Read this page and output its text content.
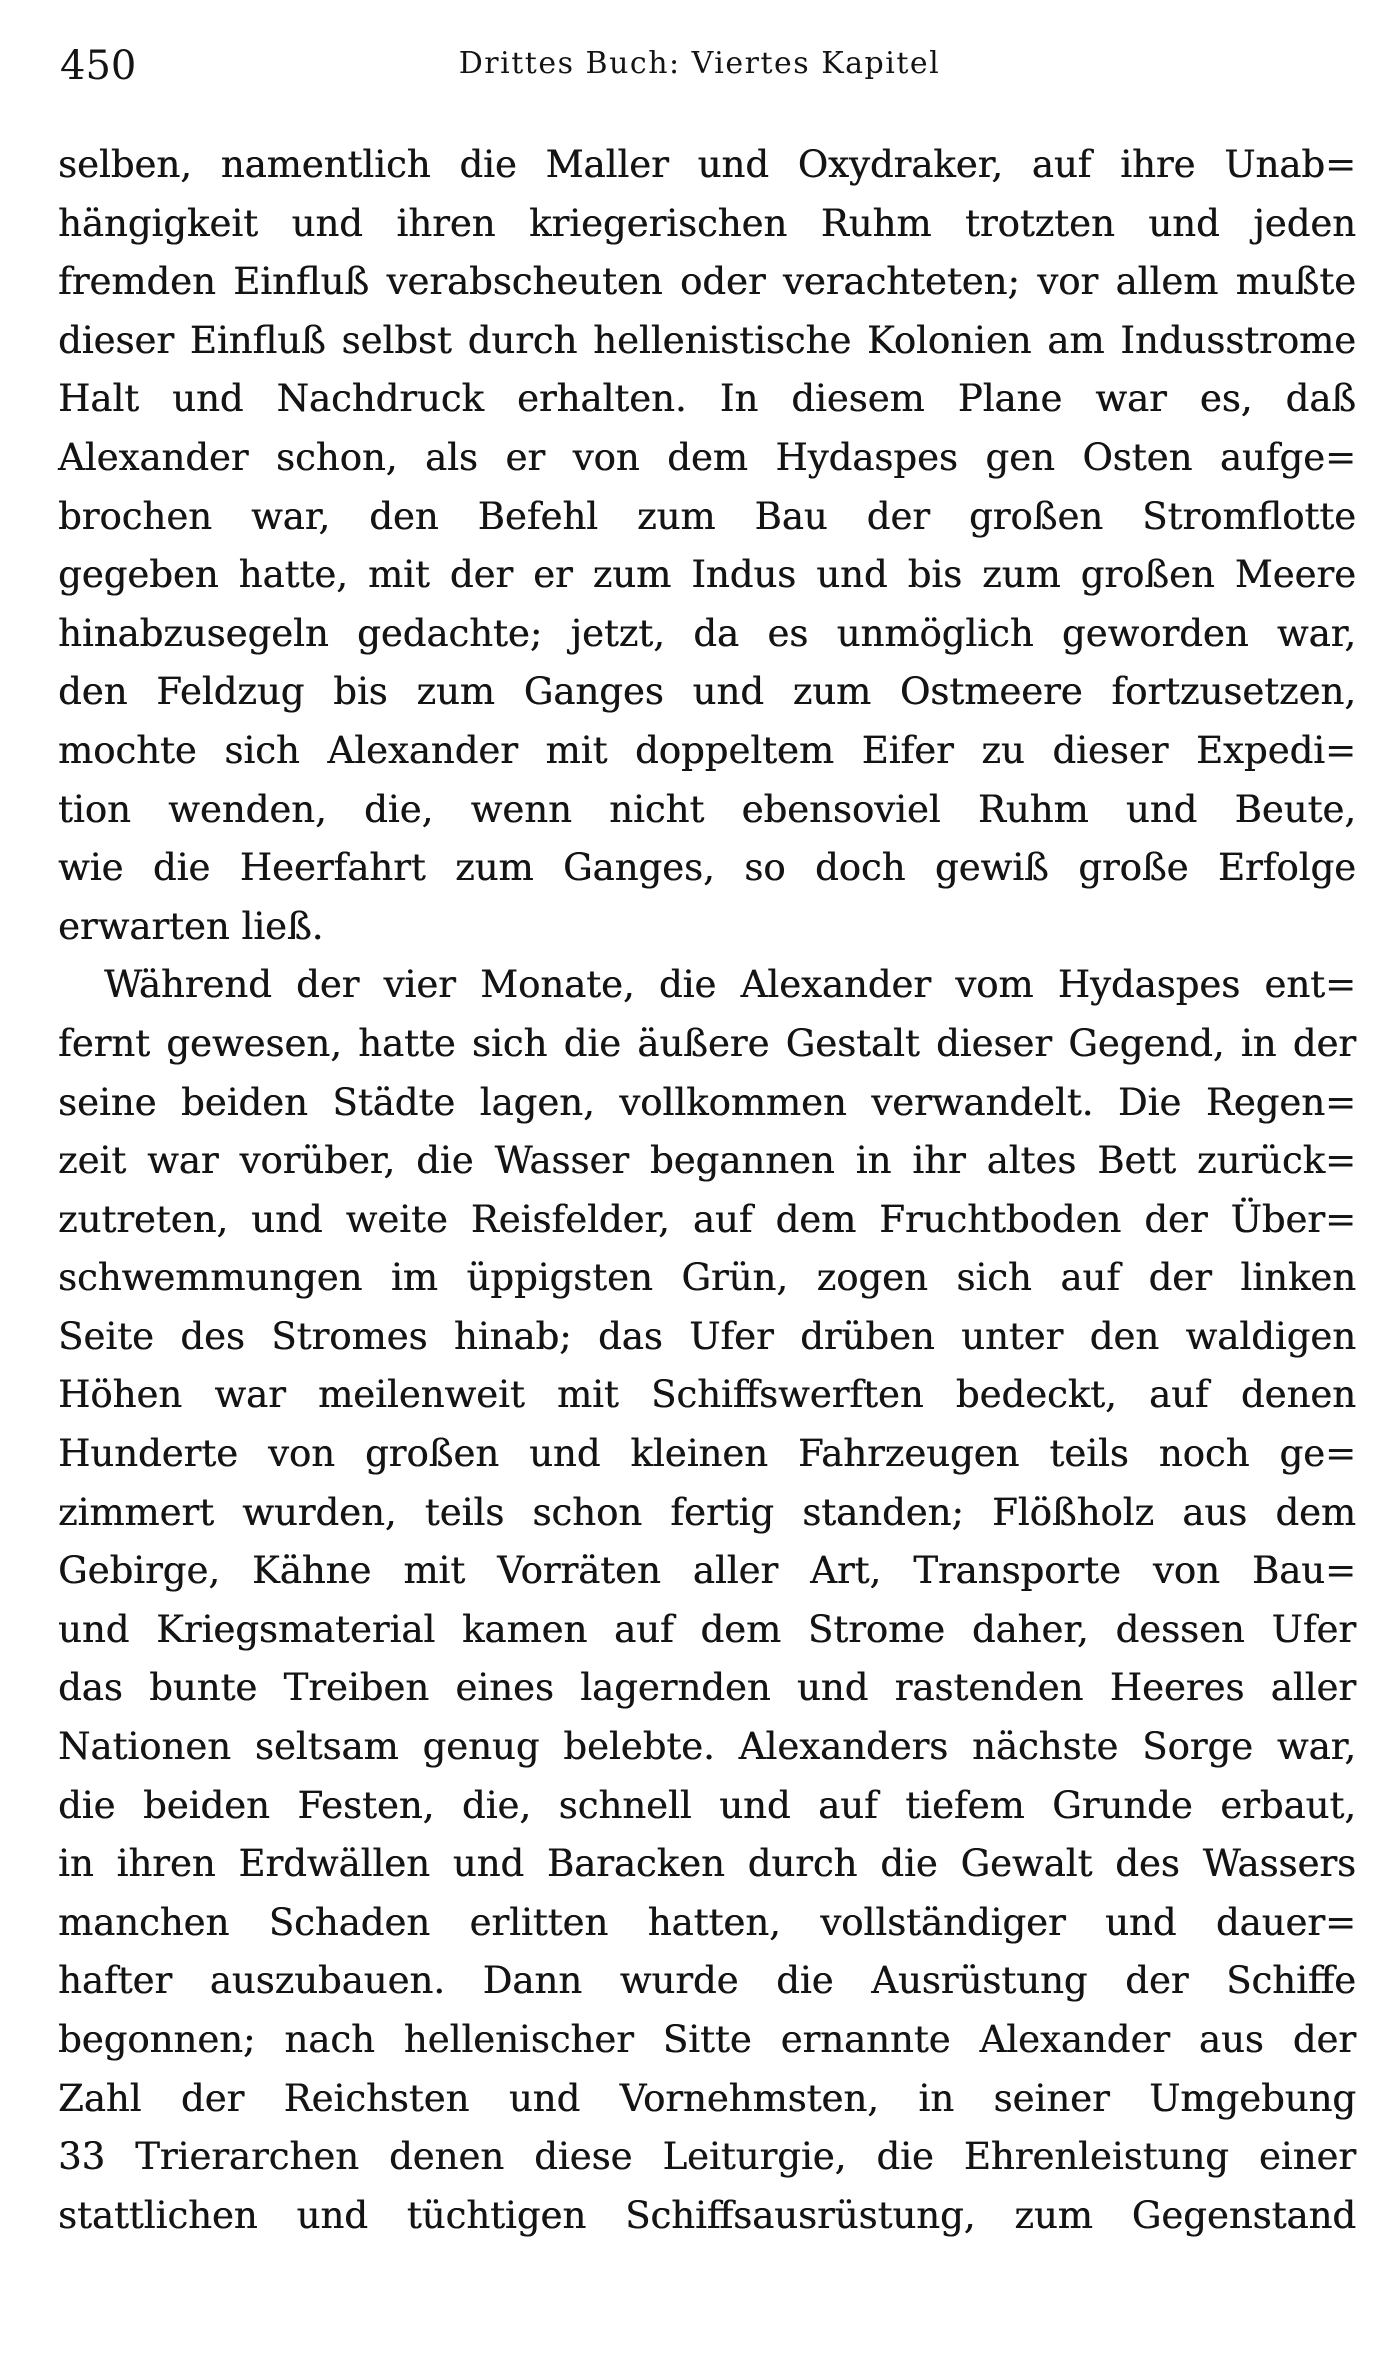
450	Drittes Buch: Viertes Kapitel
selben, namentlich die Maller und Oxydraker, auf ihre Unab=
hängigkeit und ihren kriegerischen Ruhm trotzten und jeden
fremden Einfluß verabscheuten oder verachteten; vor allem mußte
dieser Einfluß selbst durch hellenistische Kolonien am Indusstrome
Halt und Nachdruck erhalten. In diesem Plane war es, daß
Alexander schon, als er von dem Hydaspes gen Osten aufge=
brochen war, den Befehl zum Bau der großen Stromflotte
gegeben hatte, mit der er zum Indus und bis zum großen Meere
hinabzusegeln gedachte; jetzt, da es unmöglich geworden war,
den Feldzug bis zum Ganges und zum Ostmeere fortzusetzen,
mochte sich Alexander mit doppeltem Eifer zu dieser Expedi=
tion wenden, die, wenn nicht ebensoviel Ruhm und Beute,
wie die Heerfahrt zum Ganges, so doch gewiß große Erfolge
erwarten ließ.
Während der vier Monate, die Alexander vom Hydaspes ent=
fernt gewesen, hatte sich die äußere Gestalt dieser Gegend, in der
seine beiden Städte lagen, vollkommen verwandelt. Die Regen=
zeit war vorüber, die Wasser begannen in ihr altes Bett zurück=
zutreten, und weite Reisfelder, auf dem Fruchtboden der Über=
schwemmungen im üppigsten Grün, zogen sich auf der linken
Seite des Stromes hinab; das Ufer drüben unter den waldigen
Höhen war meilenweit mit Schiffswerften bedeckt, auf denen
Hunderte von großen und kleinen Fahrzeugen teils noch ge=
zimmert wurden, teils schon fertig standen; Flößholz aus dem
Gebirge, Kähne mit Vorräten aller Art, Transporte von Bau=
und Kriegsmaterial kamen auf dem Strome daher, dessen Ufer
das bunte Treiben eines lagernden und rastenden Heeres aller
Nationen seltsam genug belebte. Alexanders nächste Sorge war,
die beiden Festen, die, schnell und auf tiefem Grunde erbaut,
in ihren Erdwällen und Baracken durch die Gewalt des Wassers
manchen Schaden erlitten hatten, vollständiger und dauer=
hafter auszubauen. Dann wurde die Ausrüstung der Schiffe
begonnen; nach hellenischer Sitte ernannte Alexander aus der
Zahl der Reichsten und Vornehmsten, in seiner Umgebung
33 Trierarchen denen diese Leiturgie, die Ehrenleistung einer
stattlichen und tüchtigen Schiffsausrüstung, zum Gegenstand
